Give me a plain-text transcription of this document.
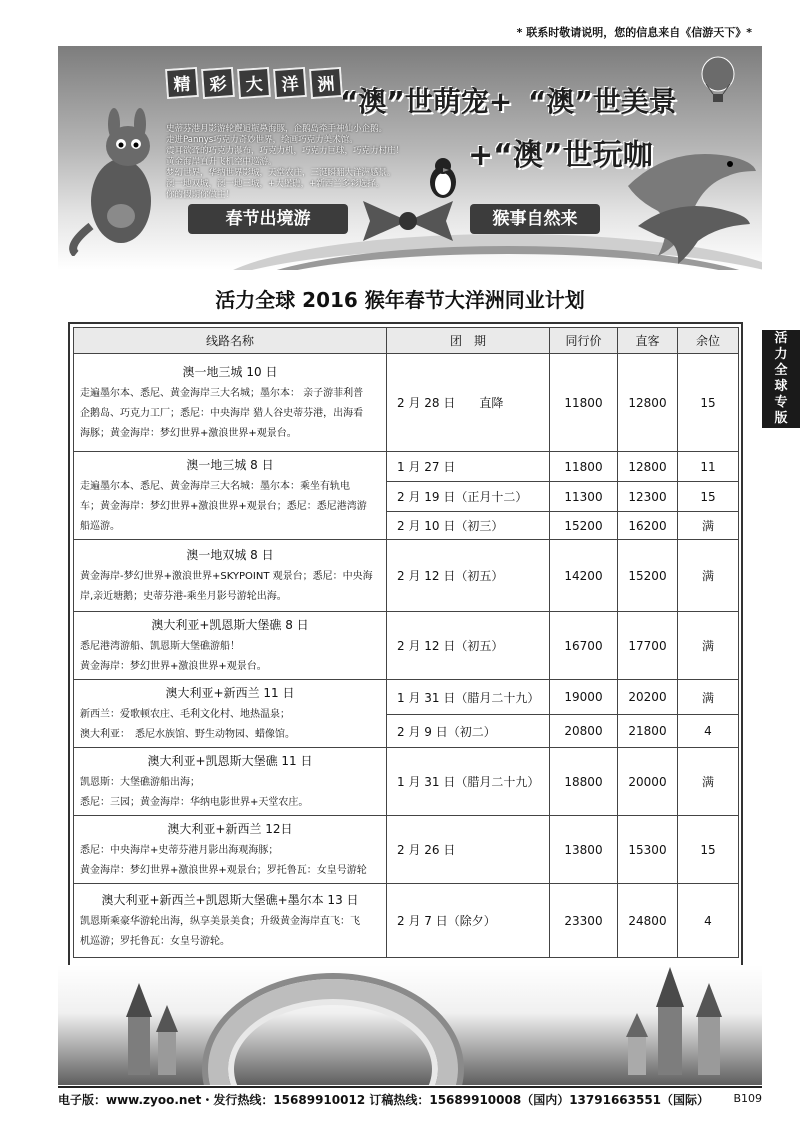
* 联系时敬请说明，您的信息来自《信游天下》*
精	彩	大	洋	洲
“澳”世萌宠+ “澳”世美景
+“澳”世玩咖
史蒂芬港月影游轮邂逅瓶鼻海豚，企鹅岛牵手神仙小企鹅。
走进Pannys巧克力奇妙世界，绘画巧克力美术馆。
震耳欲聋的巧克力瀑布，巧克力机，巧克力巨球，巧克力村庄！
黄金海岸直升飞机空中巡游。
梦幻世界，华纳世界影城，天堂农庄，三涎瞬翻大洋洲感景。
澳一地双城，澳一地三城，+大堡礁，+新西兰多彩选择。
你的假期你做主！
春节出境游	猴事自然来
活
力
全
球
专
版
活力全球 2016 猴年春节大洋洲同业计划
线路名称	团　期	同行价	直客	余位

澳一地三城 10 日
走遍墨尔本、悉尼、黄金海岸三大名城；墨尔本： 亲子游菲利普
企鹅岛、巧克力工厂；悉尼：中央海岸 猎人谷史蒂芬港，出海看
海豚；黄金海岸：梦幻世界+激浪世界+观景台。	2 月 28 日　　直降	11800	12800	15

澳一地三城 8 日
走遍墨尔本、悉尼、黄金海岸三大名城：墨尔本：乘坐有轨电
车；黄金海岸：梦幻世界+激浪世界+观景台；悉尼：悉尼港湾游
船巡游。	1 月 27 日	11800	12800	11
	2 月 19 日（正月十二）	11300	12300	15
	2 月 10 日（初三）	15200	16200	满

澳一地双城 8 日
黄金海岸-梦幻世界+激浪世界+SKYPOINT 观景台；悉尼：中央海
岸,亲近塘鹅；史蒂芬港-乘坐月影号游轮出海。	2 月 12 日（初五）	14200	15200	满

澳大利亚+凯恩斯大堡礁 8 日
悉尼港湾游船、凯恩斯大堡礁游船！
黄金海岸：梦幻世界+激浪世界+观景台。	2 月 12 日（初五）	16700	17700	满

澳大利亚+新西兰 11 日
新西兰：爱歌顿农庄、毛利文化村、地热温泉；
澳大利亚：　悉尼水族馆、野生动物园、蜡像馆。	1 月 31 日（腊月二十九）	19000	20200	满
	2 月 9 日（初二）	20800	21800	4

澳大利亚+凯恩斯大堡礁 11 日
凯恩斯：大堡礁游船出海；
悉尼：三园；黄金海岸：华纳电影世界+天堂农庄。	1 月 31 日（腊月二十九）	18800	20000	满

澳大利亚+新西兰 12日
悉尼：中央海岸+史蒂芬港月影出海观海豚；
黄金海岸：梦幻世界+激浪世界+观景台；罗托鲁瓦：女皇号游轮	2 月 26 日	13800	15300	15

澳大利亚+新西兰+凯恩斯大堡礁+墨尔本 13 日
凯恩斯乘豪华游轮出海，纵享美景美食；升级黄金海岸直飞：飞
机巡游；罗托鲁瓦：女皇号游轮。	2 月 7 日（除夕）	23300	24800	4
电子版：www.zyoo.net・发行热线：15689910012 订稿热线：15689910008（国内）13791663551（国际） B109
